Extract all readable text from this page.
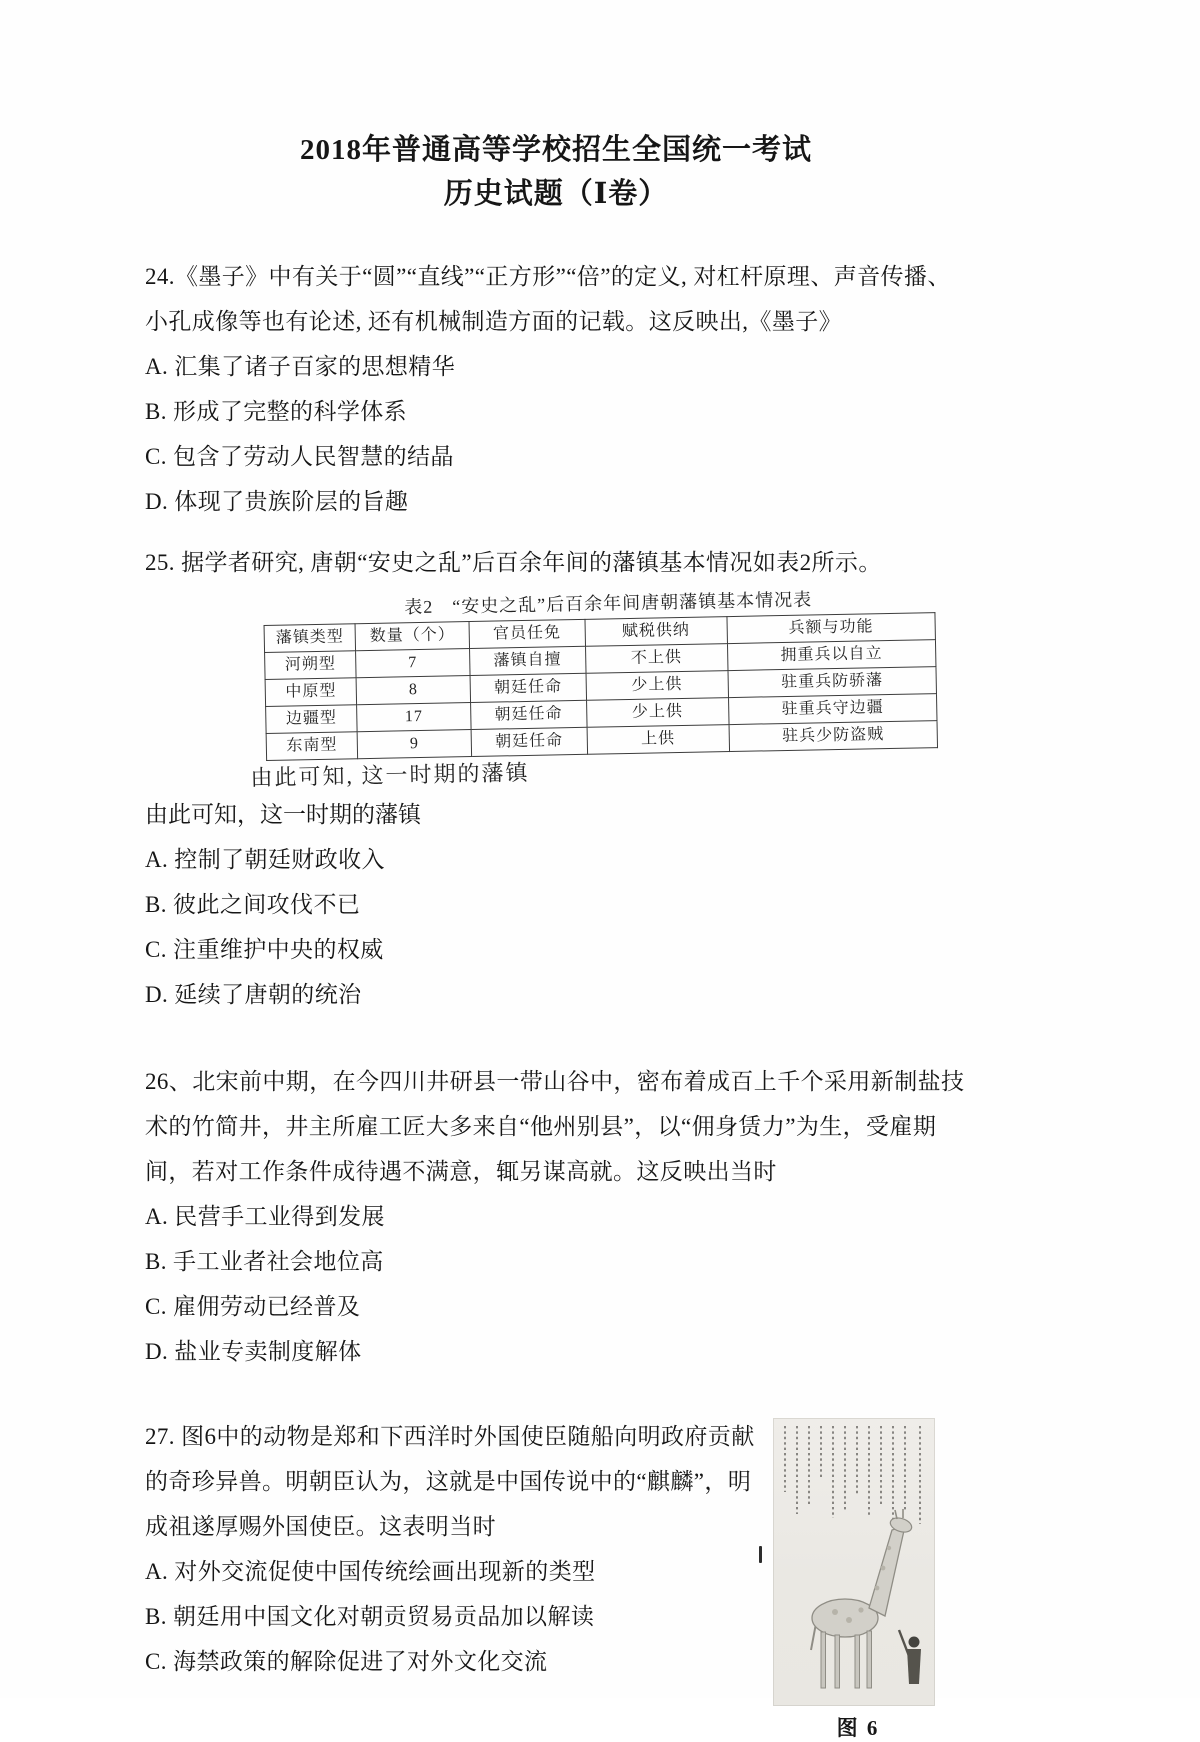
2018年普通高等学校招生全国统一考试
历史试题（Ⅰ卷）
24.《墨子》中有关于“圆”“直线”“正方形”“倍”的定义, 对杠杆原理、声音传播、小孔成像等也有论述, 还有机械制造方面的记载。这反映出,《墨子》
A. 汇集了诸子百家的思想精华
B. 形成了完整的科学体系
C. 包含了劳动人民智慧的结晶
D. 体现了贵族阶层的旨趣
25. 据学者研究, 唐朝“安史之乱”后百余年间的藩镇基本情况如表2所示。
表2　“安史之乱”后百余年间唐朝藩镇基本情况表
藩镇类型	数量（个）	官员任免	赋税供纳	兵额与功能
河朔型	7	藩镇自擅	不上供	拥重兵以自立
中原型	8	朝廷任命	少上供	驻重兵防骄藩
边疆型	17	朝廷任命	少上供	驻重兵守边疆
东南型	9	朝廷任命	上供	驻兵少防盗贼
由此可知, 这一时期的藩镇
由此可知，这一时期的藩镇
A. 控制了朝廷财政收入
B. 彼此之间攻伐不已
C. 注重维护中央的权威
D. 延续了唐朝的统治
26、北宋前中期，在今四川井研县一带山谷中，密布着成百上千个采用新制盐技术的竹简井，井主所雇工匠大多来自“他州别县”，以“佣身赁力”为生，受雇期间，若对工作条件成待遇不满意，辄另谋高就。这反映出当时
A. 民营手工业得到发展
B. 手工业者社会地位高
C. 雇佣劳动已经普及
D. 盐业专卖制度解体
27. 图6中的动物是郑和下西洋时外国使臣随船向明政府贡献的奇珍异兽。明朝臣认为，这就是中国传说中的“麒麟”，明成祖遂厚赐外国使臣。这表明当时
A. 对外交流促使中国传统绘画出现新的类型
B. 朝廷用中国文化对朝贡贸易贡品加以解读
C. 海禁政策的解除促进了对外文化交流
图 6
